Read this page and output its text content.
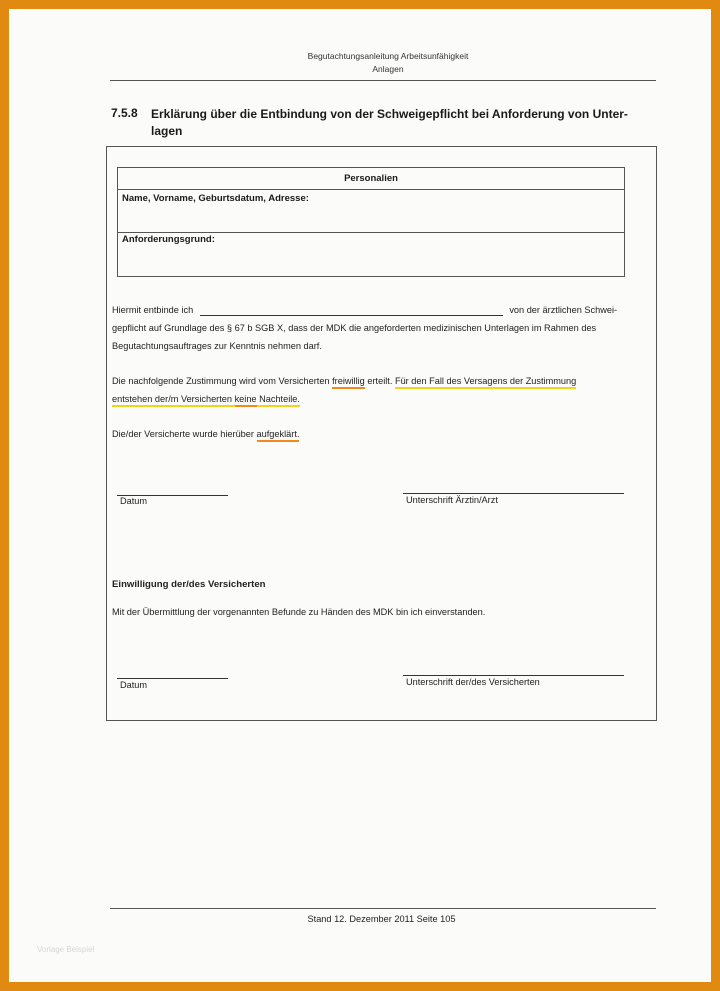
Begutachtungsanleitung Arbeitsunfähigkeit
Anlagen
7.5.8 Erklärung über die Entbindung von der Schweigepflicht bei Anforderung von Unter-lagen
Personalien
Name, Vorname, Geburtsdatum, Adresse:
Anforderungsgrund:
Hiermit entbinde ich	von der ärztlichen Schwei-
gepflicht auf Grundlage des § 67 b SGB X, dass der MDK die angeforderten medizinischen Unterlagen im Rahmen des
Begutachtungsauftrages zur Kenntnis nehmen darf.
Die nachfolgende Zustimmung wird vom Versicherten freiwillig erteilt. Für den Fall des Versagens der Zustimmung
entstehen der/m Versicherten keine Nachteile.
Die/der Versicherte wurde hierüber aufgeklärt.
Datum	Unterschrift Ärztin/Arzt
Einwilligung der/des Versicherten
Mit der Übermittlung der vorgenannten Befunde zu Händen des MDK bin ich einverstanden.
Datum	Unterschrift der/des Versicherten
Stand 12. Dezember 2011 Seite 105
Vorlage Beispiel
